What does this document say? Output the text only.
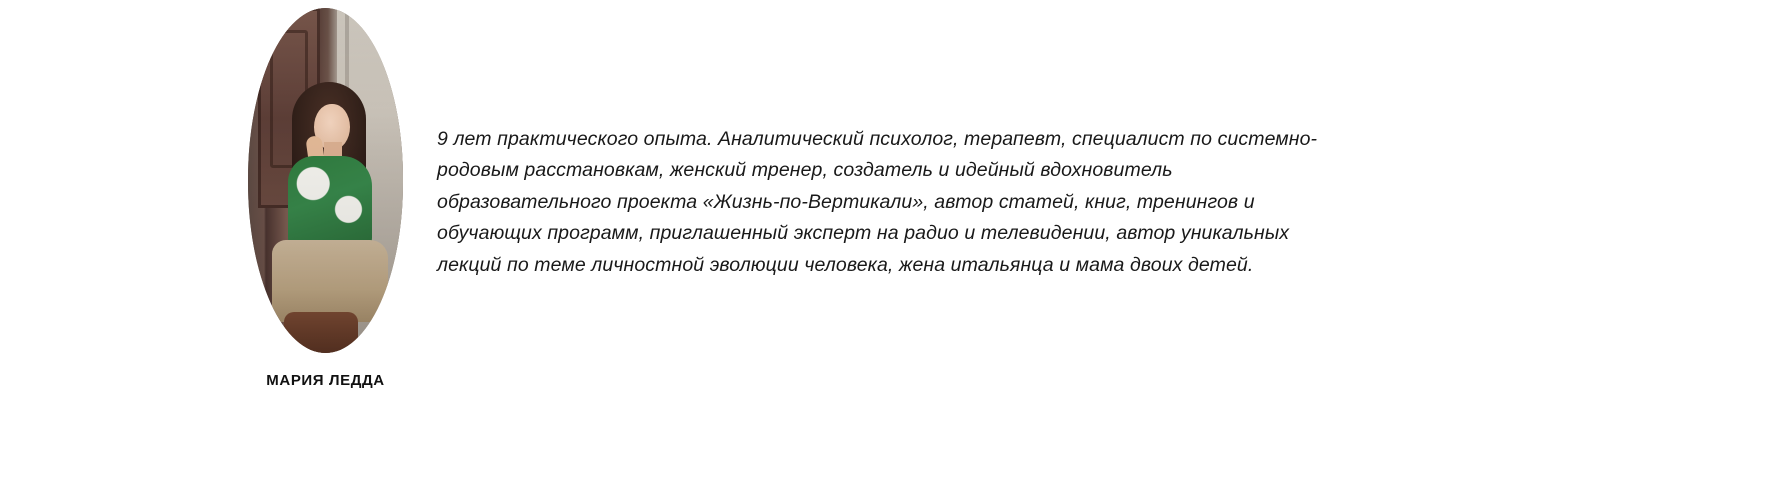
МАРИЯ ЛЕДДА

9 лет практического опыта. Аналитический психолог, терапевт, специалист по системно-родовым расстановкам, женский тренер, создатель и идейный вдохновитель образовательного проекта «Жизнь-по-Вертикали», автор статей, книг, тренингов и обучающих программ, приглашенный эксперт на радио и телевидении, автор уникальных лекций по теме личностной эволюции человека, жена итальянца и мама двоих детей.
